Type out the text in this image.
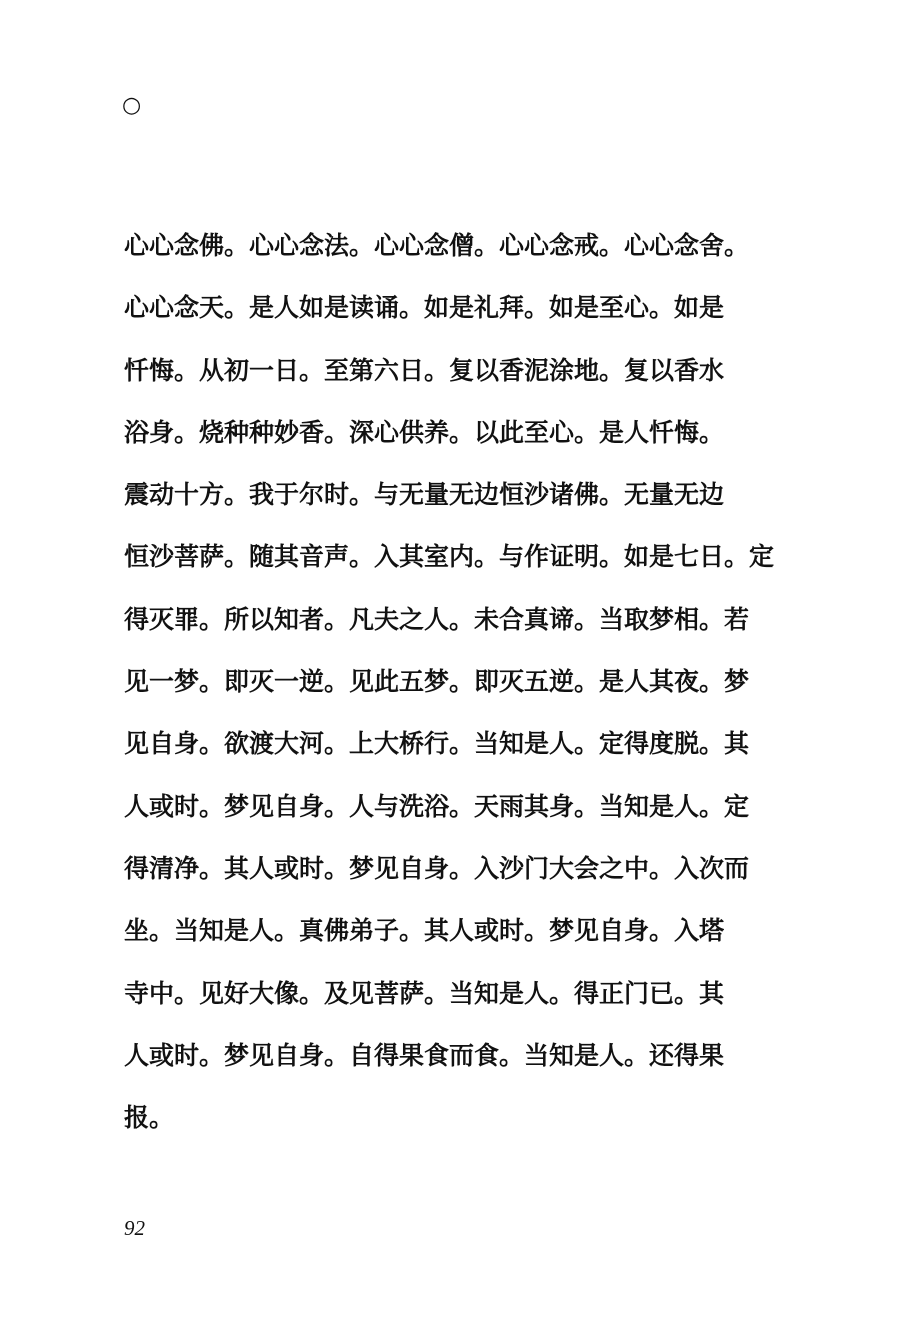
○
心心念佛。心心念法。心心念僧。心心念戒。心心念舍。
心心念天。是人如是读诵。如是礼拜。如是至心。如是
忏悔。从初一日。至第六日。复以香泥涂地。复以香水
浴身。烧种种妙香。深心供养。以此至心。是人忏悔。
震动十方。我于尔时。与无量无边恒沙诸佛。无量无边
恒沙菩萨。随其音声。入其室内。与作证明。如是七日。定
得灭罪。所以知者。凡夫之人。未合真谛。当取梦相。若
见一梦。即灭一逆。见此五梦。即灭五逆。是人其夜。梦
见自身。欲渡大河。上大桥行。当知是人。定得度脱。其
人或时。梦见自身。人与洗浴。天雨其身。当知是人。定
得清净。其人或时。梦见自身。入沙门大会之中。入次而
坐。当知是人。真佛弟子。其人或时。梦见自身。入塔
寺中。见好大像。及见菩萨。当知是人。得正门已。其
人或时。梦见自身。自得果食而食。当知是人。还得果
报。
92
